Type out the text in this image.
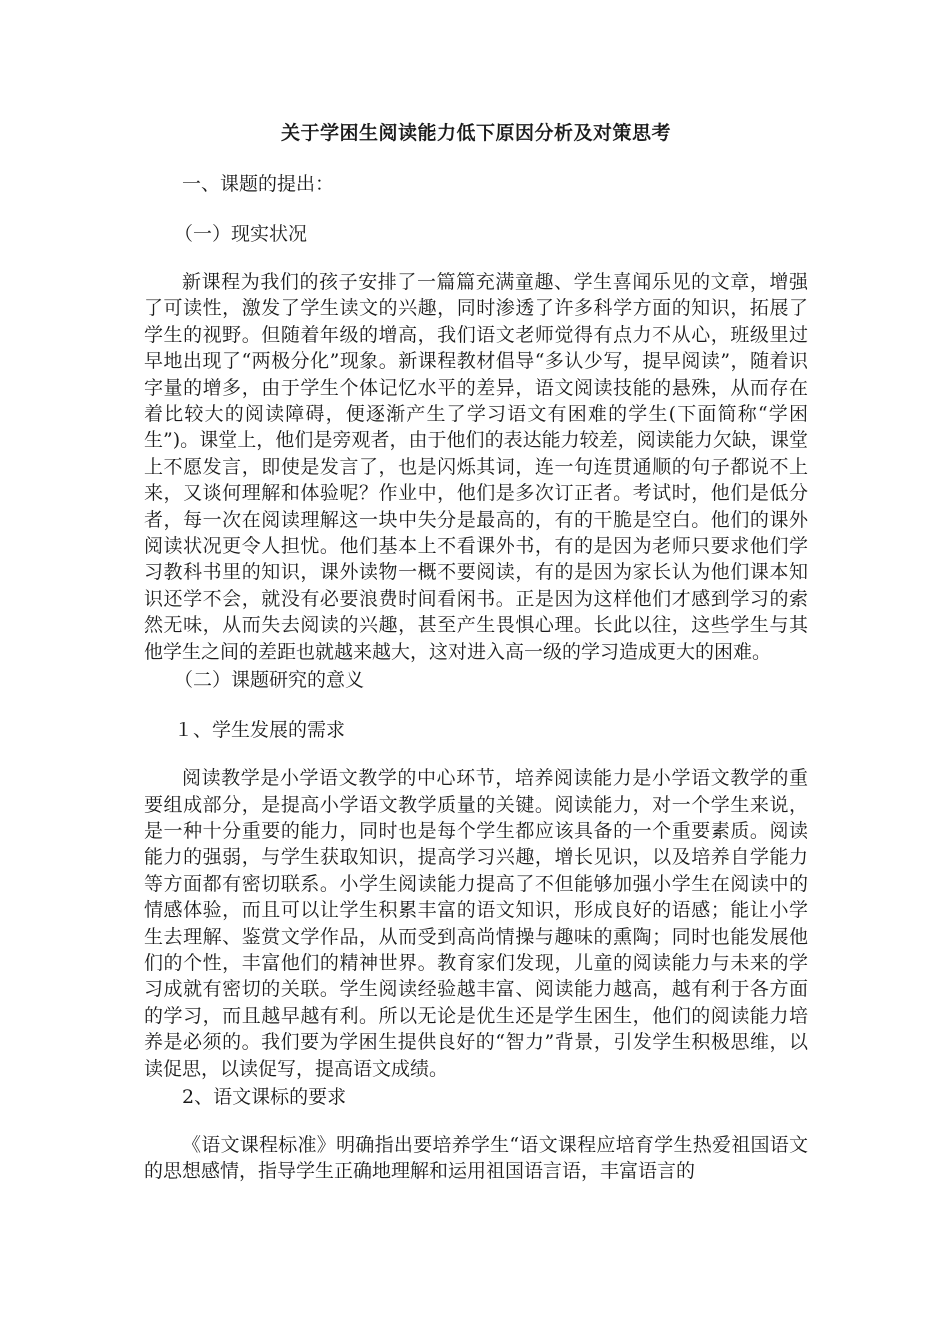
关于学困生阅读能力低下原因分析及对策思考

一、课题的提出：

（一）现实状况

新课程为我们的孩子安排了一篇篇充满童趣、学生喜闻乐见的文章，增强了可读性，激发了学生读文的兴趣，同时渗透了许多科学方面的知识，拓展了学生的视野。但随着年级的增高，我们语文老师觉得有点力不从心，班级里过早地出现了“两极分化”现象。新课程教材倡导“多认少写，提早阅读”，随着识字量的增多，由于学生个体记忆水平的差异，语文阅读技能的悬殊，从而存在着比较大的阅读障碍，便逐渐产生了学习语文有困难的学生(下面简称“学困生”)。课堂上，他们是旁观者，由于他们的表达能力较差，阅读能力欠缺，课堂上不愿发言，即使是发言了，也是闪烁其词，连一句连贯通顺的句子都说不上来，又谈何理解和体验呢？作业中，他们是多次订正者。考试时，他们是低分者，每一次在阅读理解这一块中失分是最高的，有的干脆是空白。他们的课外阅读状况更令人担忧。他们基本上不看课外书，有的是因为老师只要求他们学习教科书里的知识，课外读物一概不要阅读，有的是因为家长认为他们课本知识还学不会，就没有必要浪费时间看闲书。正是因为这样他们才感到学习的索然无味，从而失去阅读的兴趣，甚至产生畏惧心理。长此以往，这些学生与其他学生之间的差距也就越来越大，这对进入高一级的学习造成更大的困难。

（二）课题研究的意义

１、学生发展的需求

阅读教学是小学语文教学的中心环节，培养阅读能力是小学语文教学的重要组成部分，是提高小学语文教学质量的关键。阅读能力，对一个学生来说，是一种十分重要的能力，同时也是每个学生都应该具备的一个重要素质。阅读能力的强弱，与学生获取知识，提高学习兴趣，增长见识，以及培养自学能力等方面都有密切联系。小学生阅读能力提高了不但能够加强小学生在阅读中的情感体验，而且可以让学生积累丰富的语文知识，形成良好的语感；能让小学生去理解、鉴赏文学作品，从而受到高尚情操与趣味的熏陶；同时也能发展他们的个性，丰富他们的精神世界。教育家们发现，儿童的阅读能力与未来的学习成就有密切的关联。学生阅读经验越丰富、阅读能力越高，越有利于各方面的学习，而且越早越有利。所以无论是优生还是学生困生，他们的阅读能力培养是必须的。我们要为学困生提供良好的“智力”背景，引发学生积极思维，以读促思，以读促写，提高语文成绩。

2、语文课标的要求

《语文课程标准》明确指出要培养学生“语文课程应培育学生热爱祖国语文的思想感情，指导学生正确地理解和运用祖国语言语，丰富语言的
